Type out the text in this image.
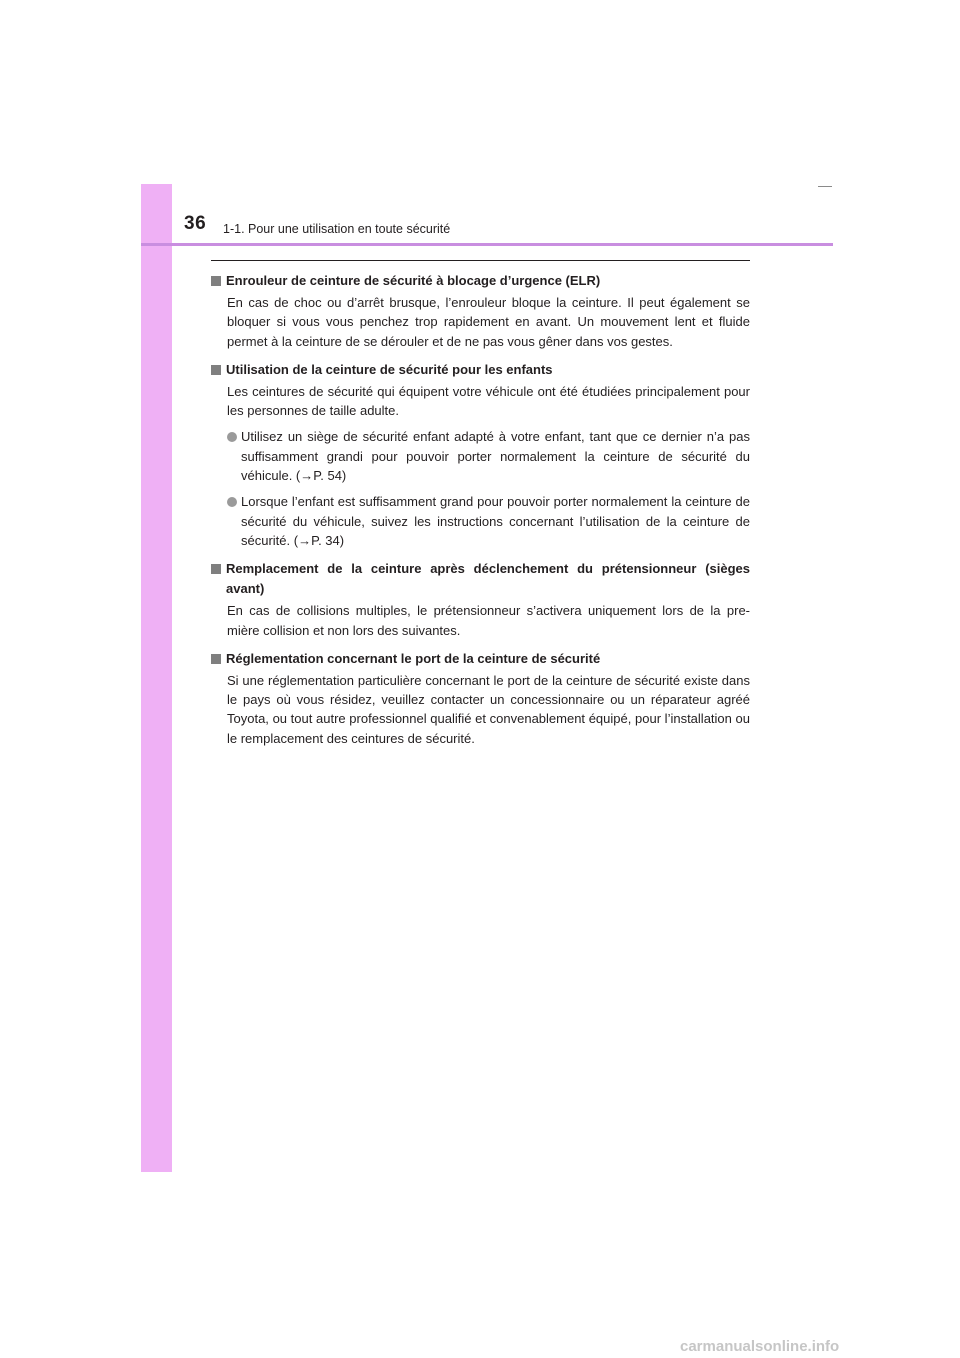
36 1-1. Pour une utilisation en toute sécurité
Enrouleur de ceinture de sécurité à blocage d’urgence (ELR)
En cas de choc ou d’arrêt brusque, l’enrouleur bloque la ceinture. Il peut également se bloquer si vous vous penchez trop rapidement en avant. Un mouvement lent et fluide permet à la ceinture de se dérouler et de ne pas vous gêner dans vos gestes.
Utilisation de la ceinture de sécurité pour les enfants
Les ceintures de sécurité qui équipent votre véhicule ont été étudiées principalement pour les personnes de taille adulte.
Utilisez un siège de sécurité enfant adapté à votre enfant, tant que ce dernier n’a pas suffisamment grandi pour pouvoir porter normalement la ceinture de sécurité du véhicule. (→P. 54)
Lorsque l’enfant est suffisamment grand pour pouvoir porter normalement la ceinture de sécurité du véhicule, suivez les instructions concernant l’utilisation de la ceinture de sécurité. (→P. 34)
Remplacement de la ceinture après déclenchement du prétensionneur (sièges avant)
En cas de collisions multiples, le prétensionneur s’activera uniquement lors de la pre- mière collision et non lors des suivantes.
Réglementation concernant le port de la ceinture de sécurité
Si une réglementation particulière concernant le port de la ceinture de sécurité existe dans le pays où vous résidez, veuillez contacter un concessionnaire ou un réparateur agréé Toyota, ou tout autre professionnel qualifié et convenablement équipé, pour l’installation ou le remplacement des ceintures de sécurité.
carmanualsonline.info
